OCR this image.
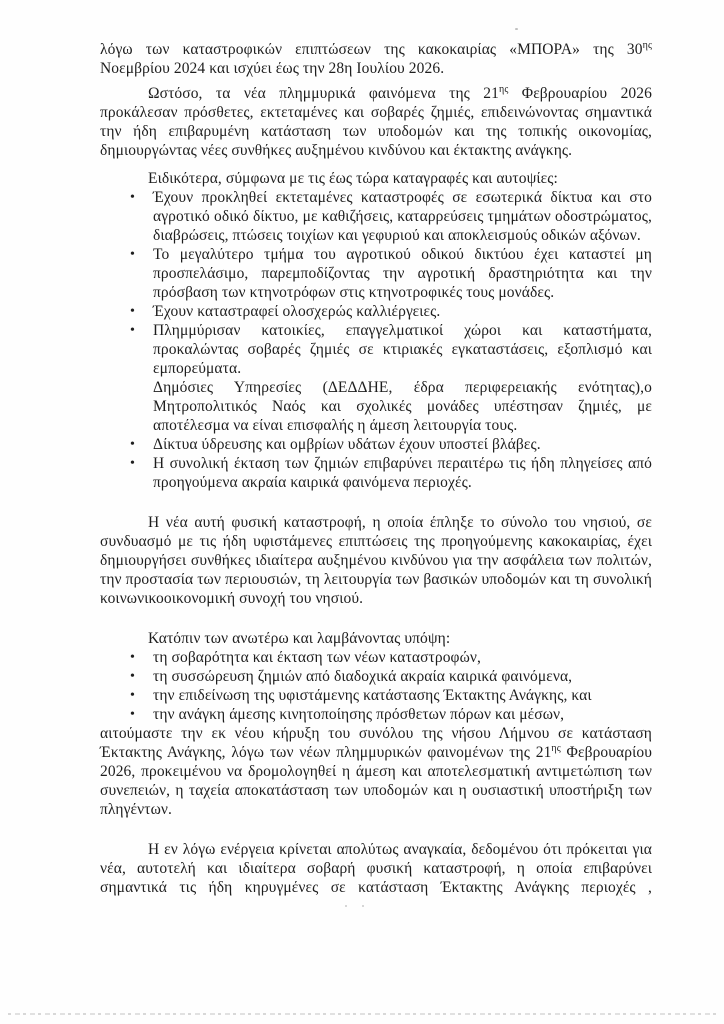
λόγω των καταστροφικών επιπτώσεων της κακοκαιρίας «ΜΠΟΡΑ» της $30^{\eta\varsigma}$ Νοεμβρίου 2024 και ισχύει έως την 28η Ιουλίου 2026.
Ωστόσο, τα νέα πλημμυρικά φαινόμενα της $21^{\eta\varsigma}$ Φεβρουαρίου 2026 προκάλεσαν πρόσθετες, εκτεταμένες και σοβαρές ζημιές, επιδεινώνοντας σημαντικά την ήδη επιβαρυμένη κατάσταση των υποδομών και της τοπικής οικονομίας, δημιουργώντας νέες συνθήκες αυξημένου κινδύνου και έκτακτης ανάγκης.
Ειδικότερα, σύμφωνα με τις έως τώρα καταγραφές και αυτοψίες:
• Έχουν προκληθεί εκτεταμένες καταστροφές σε εσωτερικά δίκτυα και στο αγροτικό οδικό δίκτυο, με καθιζήσεις, καταρρεύσεις τμημάτων οδοστρώματος, διαβρώσεις, πτώσεις τοιχίων και γεφυριού και αποκλεισμούς οδικών αξόνων.
• Το μεγαλύτερο τμήμα του αγροτικού οδικού δικτύου έχει καταστεί μη προσπελάσιμο, παρεμποδίζοντας την αγροτική δραστηριότητα και την πρόσβαση των κτηνοτρόφων στις κτηνοτροφικές τους μονάδες.
• Έχουν καταστραφεί ολοσχερώς καλλιέργειες.
• Πλημμύρισαν κατοικίες, επαγγελματικοί χώροι και καταστήματα, προκαλώντας σοβαρές ζημιές σε κτιριακές εγκαταστάσεις, εξοπλισμό και εμπορεύματα.
Δημόσιες Υπηρεσίες (ΔΕΔΔΗΕ, έδρα περιφερειακής ενότητας),ο Μητροπολιτικός Ναός και σχολικές μονάδες υπέστησαν ζημιές, με αποτέλεσμα να είναι επισφαλής η άμεση λειτουργία τους.
• Δίκτυα ύδρευσης και ομβρίων υδάτων έχουν υποστεί βλάβες.
• Η συνολική έκταση των ζημιών επιβαρύνει περαιτέρω τις ήδη πληγείσες από προηγούμενα ακραία καιρικά φαινόμενα περιοχές.
Η νέα αυτή φυσική καταστροφή, η οποία έπληξε το σύνολο του νησιού, σε συνδυασμό με τις ήδη υφιστάμενες επιπτώσεις της προηγούμενης κακοκαιρίας, έχει δημιουργήσει συνθήκες ιδιαίτερα αυξημένου κινδύνου για την ασφάλεια των πολιτών, την προστασία των περιουσιών, τη λειτουργία των βασικών υποδομών και τη συνολική κοινωνικοοικονομική συνοχή του νησιού.
Κατόπιν των ανωτέρω και λαμβάνοντας υπόψη:
• τη σοβαρότητα και έκταση των νέων καταστροφών,
• τη συσσώρευση ζημιών από διαδοχικά ακραία καιρικά φαινόμενα,
• την επιδείνωση της υφιστάμενης κατάστασης Έκτακτης Ανάγκης, και
• την ανάγκη άμεσης κινητοποίησης πρόσθετων πόρων και μέσων,
αιτούμαστε την εκ νέου κήρυξη του συνόλου της νήσου Λήμνου σε κατάσταση Έκτακτης Ανάγκης, λόγω των νέων πλημμυρικών φαινομένων της $21^{\eta\varsigma}$ Φεβρουαρίου 2026, προκειμένου να δρομολογηθεί η άμεση και αποτελεσματική αντιμετώπιση των συνεπειών, η ταχεία αποκατάσταση των υποδομών και η ουσιαστική υποστήριξη των πληγέντων.
Η εν λόγω ενέργεια κρίνεται απολύτως αναγκαία, δεδομένου ότι πρόκειται για νέα, αυτοτελή και ιδιαίτερα σοβαρή φυσική καταστροφή, η οποία επιβαρύνει σημαντικά τις ήδη κηρυγμένες σε κατάσταση Έκτακτης Ανάγκης περιοχές ,
